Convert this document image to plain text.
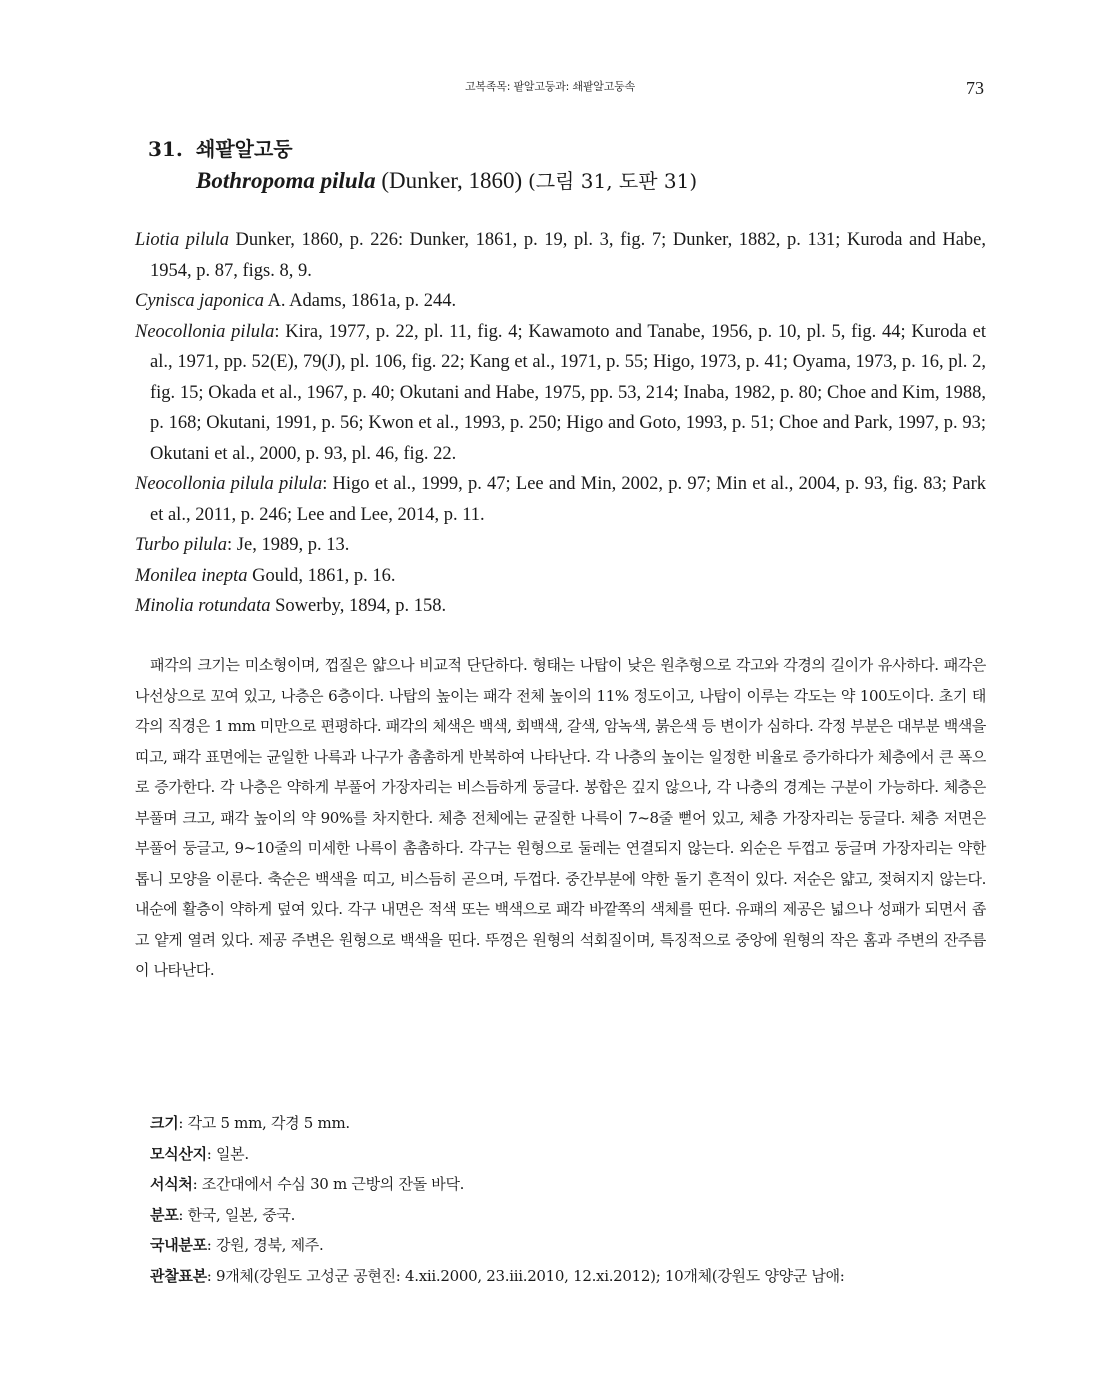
고복족목: 팥알고둥과: 쇄팥알고둥속	73
31. 쇄팥알고둥
Bothropoma pilula (Dunker, 1860) (그림 31, 도판 31)

Liotia pilula Dunker, 1860, p. 226: Dunker, 1861, p. 19, pl. 3, fig. 7; Dunker, 1882, p. 131; Kuroda and Habe, 1954, p. 87, figs. 8, 9.

Cynisca japonica A. Adams, 1861a, p. 244.

Neocollonia pilula: Kira, 1977, p. 22, pl. 11, fig. 4; Kawamoto and Tanabe, 1956, p. 10, pl. 5, fig. 44; Kuroda et al., 1971, pp. 52(E), 79(J), pl. 106, fig. 22; Kang et al., 1971, p. 55; Higo, 1973, p. 41; Oyama, 1973, p. 16, pl. 2, fig. 15; Okada et al., 1967, p. 40; Okutani and Habe, 1975, pp. 53, 214; Inaba, 1982, p. 80; Choe and Kim, 1988, p. 168; Okutani, 1991, p. 56; Kwon et al., 1993, p. 250; Higo and Goto, 1993, p. 51; Choe and Park, 1997, p. 93; Okutani et al., 2000, p. 93, pl. 46, fig. 22.

Neocollonia pilula pilula: Higo et al., 1999, p. 47; Lee and Min, 2002, p. 97; Min et al., 2004, p. 93, fig. 83; Park et al., 2011, p. 246; Lee and Lee, 2014, p. 11.

Turbo pilula: Je, 1989, p. 13.

Monilea inepta Gould, 1861, p. 16.

Minolia rotundata Sowerby, 1894, p. 158.

패각의 크기는 미소형이며, 껍질은 얇으나 비교적 단단하다. 형태는 나탑이 낮은 원추형으로 각고와 각경의 길이가 유사하다. 패각은 나선상으로 꼬여 있고, 나층은 6층이다. 나탑의 높이는 패각 전체 높이의 11% 정도이고, 나탑이 이루는 각도는 약 100도이다. 초기 태각의 직경은 1 mm 미만으로 편평하다. 패각의 체색은 백색, 회백색, 갈색, 암녹색, 붉은색 등 변이가 심하다. 각정 부분은 대부분 백색을 띠고, 패각 표면에는 균일한 나륵과 나구가 촘촘하게 반복하여 나타난다. 각 나층의 높이는 일정한 비율로 증가하다가 체층에서 큰 폭으로 증가한다. 각 나층은 약하게 부풀어 가장자리는 비스듬하게 둥글다. 봉합은 깊지 않으나, 각 나층의 경계는 구분이 가능하다. 체층은 부풀며 크고, 패각 높이의 약 90%를 차지한다. 체층 전체에는 균질한 나륵이 7~8줄 뻗어 있고, 체층 가장자리는 둥글다. 체층 저면은 부풀어 둥글고, 9~10줄의 미세한 나륵이 촘촘하다. 각구는 원형으로 둘레는 연결되지 않는다. 외순은 두껍고 둥글며 가장자리는 약한 톱니 모양을 이룬다. 축순은 백색을 띠고, 비스듬히 곧으며, 두껍다. 중간부분에 약한 돌기 흔적이 있다. 저순은 얇고, 젖혀지지 않는다. 내순에 활층이 약하게 덮여 있다. 각구 내면은 적색 또는 백색으로 패각 바깥쪽의 색체를 띤다. 유패의 제공은 넓으나 성패가 되면서 좁고 얕게 열려 있다. 제공 주변은 원형으로 백색을 띤다. 뚜껑은 원형의 석회질이며, 특징적으로 중앙에 원형의 작은 홈과 주변의 잔주름이 나타난다.

크기: 각고 5 mm, 각경 5 mm.
모식산지: 일본.
서식처: 조간대에서 수심 30 m 근방의 잔돌 바닥.
분포: 한국, 일본, 중국.
국내분포: 강원, 경북, 제주.
관찰표본: 9개체(강원도 고성군 공현진: 4.xii.2000, 23.iii.2010, 12.xi.2012); 10개체(강원도 양양군 남애:
